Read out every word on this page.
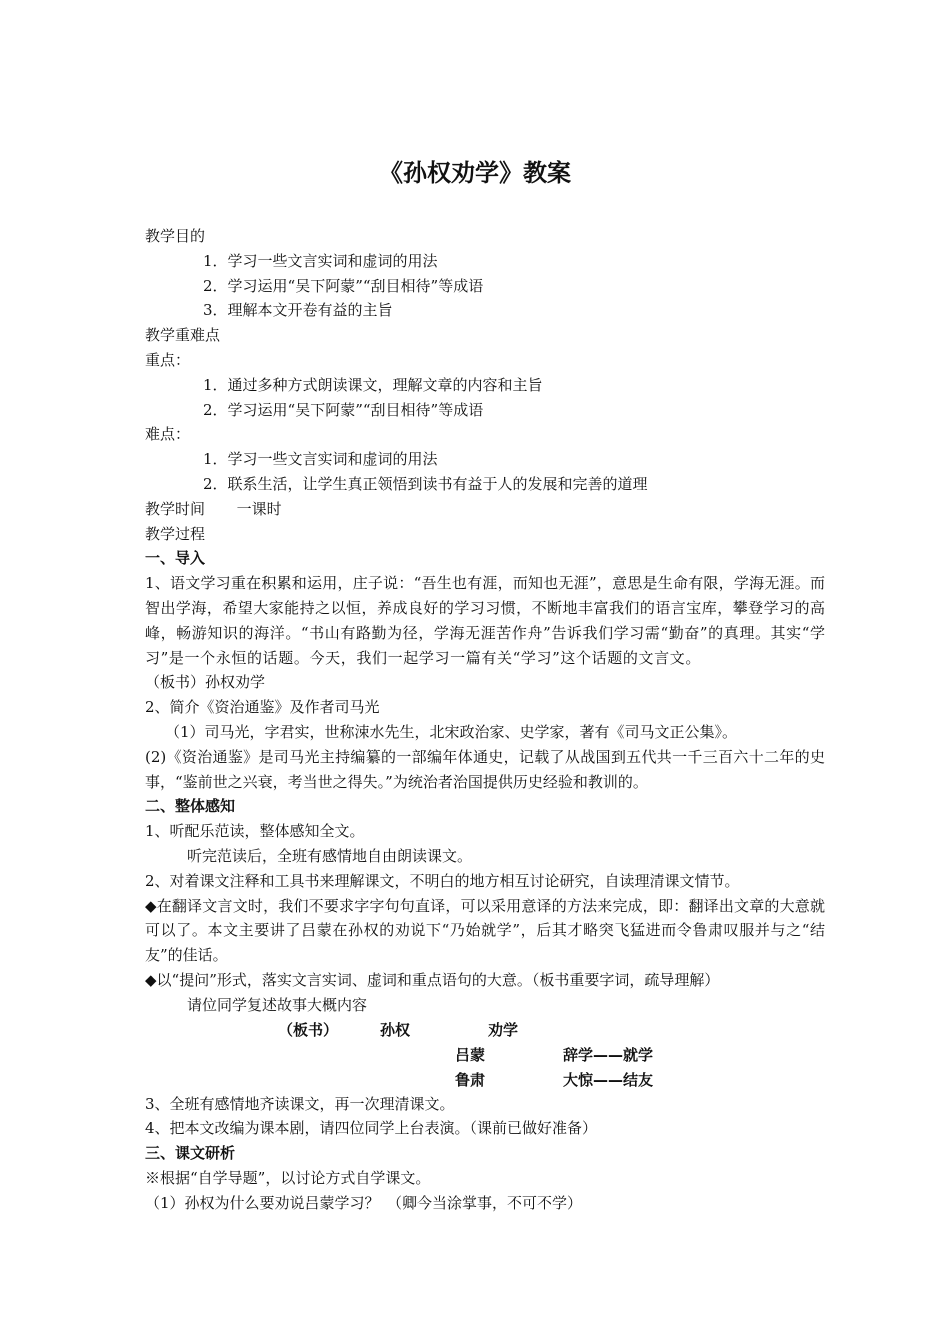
《孙权劝学》教案

教学目的

1．学习一些文言实词和虚词的用法

2．学习运用“吴下阿蒙”“刮目相待”等成语

3．理解本文开卷有益的主旨

教学重难点

重点：

1．通过多种方式朗读课文，理解文章的内容和主旨

2．学习运用“吴下阿蒙”“刮目相待”等成语

难点：

1．学习一些文言实词和虚词的用法

2．联系生活，让学生真正领悟到读书有益于人的发展和完善的道理

教学时间 一课时

教学过程

一、导入

1、语文学习重在积累和运用，庄子说：“吾生也有涯，而知也无涯”，意思是生命有限，学海无涯。而智出学海，希望大家能持之以恒，养成良好的学习习惯，不断地丰富我们的语言宝库，攀登学习的高峰，畅游知识的海洋。“书山有路勤为径，学海无涯苦作舟”告诉我们学习需“勤奋”的真理。其实“学习”是一个永恒的话题。今天，我们一起学习一篇有关“学习”这个话题的文言文。（板书）孙权劝学

2、简介《资治通鉴》及作者司马光

（1）司马光，字君实，世称涑水先生，北宋政治家、史学家，著有《司马文正公集》。

(2)《资治通鉴》是司马光主持编纂的一部编年体通史，记载了从战国到五代共一千三百六十二年的史事，“鉴前世之兴衰，考当世之得失。”为统治者治国提供历史经验和教训的。

二、整体感知

1、听配乐范读，整体感知全文。

听完范读后，全班有感情地自由朗读课文。

2、对着课文注释和工具书来理解课文，不明白的地方相互讨论研究，自读理清课文情节。

◆在翻译文言文时，我们不要求字字句句直译，可以采用意译的方法来完成，即：翻译出文章的大意就可以了。本文主要讲了吕蒙在孙权的劝说下“乃始就学”，后其才略突飞猛进而令鲁肃叹服并与之“结友”的佳话。

◆以“提问”形式，落实文言实词、虚词和重点语句的大意。（板书重要字词，疏导理解）

请位同学复述故事大概内容

（板书）	孙权	劝学
吕蒙	辞学——就学
鲁肃	大惊——结友

3、全班有感情地齐读课文，再一次理清课文。

4、把本文改编为课本剧，请四位同学上台表演。（课前已做好准备）

三、课文研析

※根据“自学导题”，以讨论方式自学课文。

（1）孙权为什么要劝说吕蒙学习？　（卿今当涂掌事，不可不学）
